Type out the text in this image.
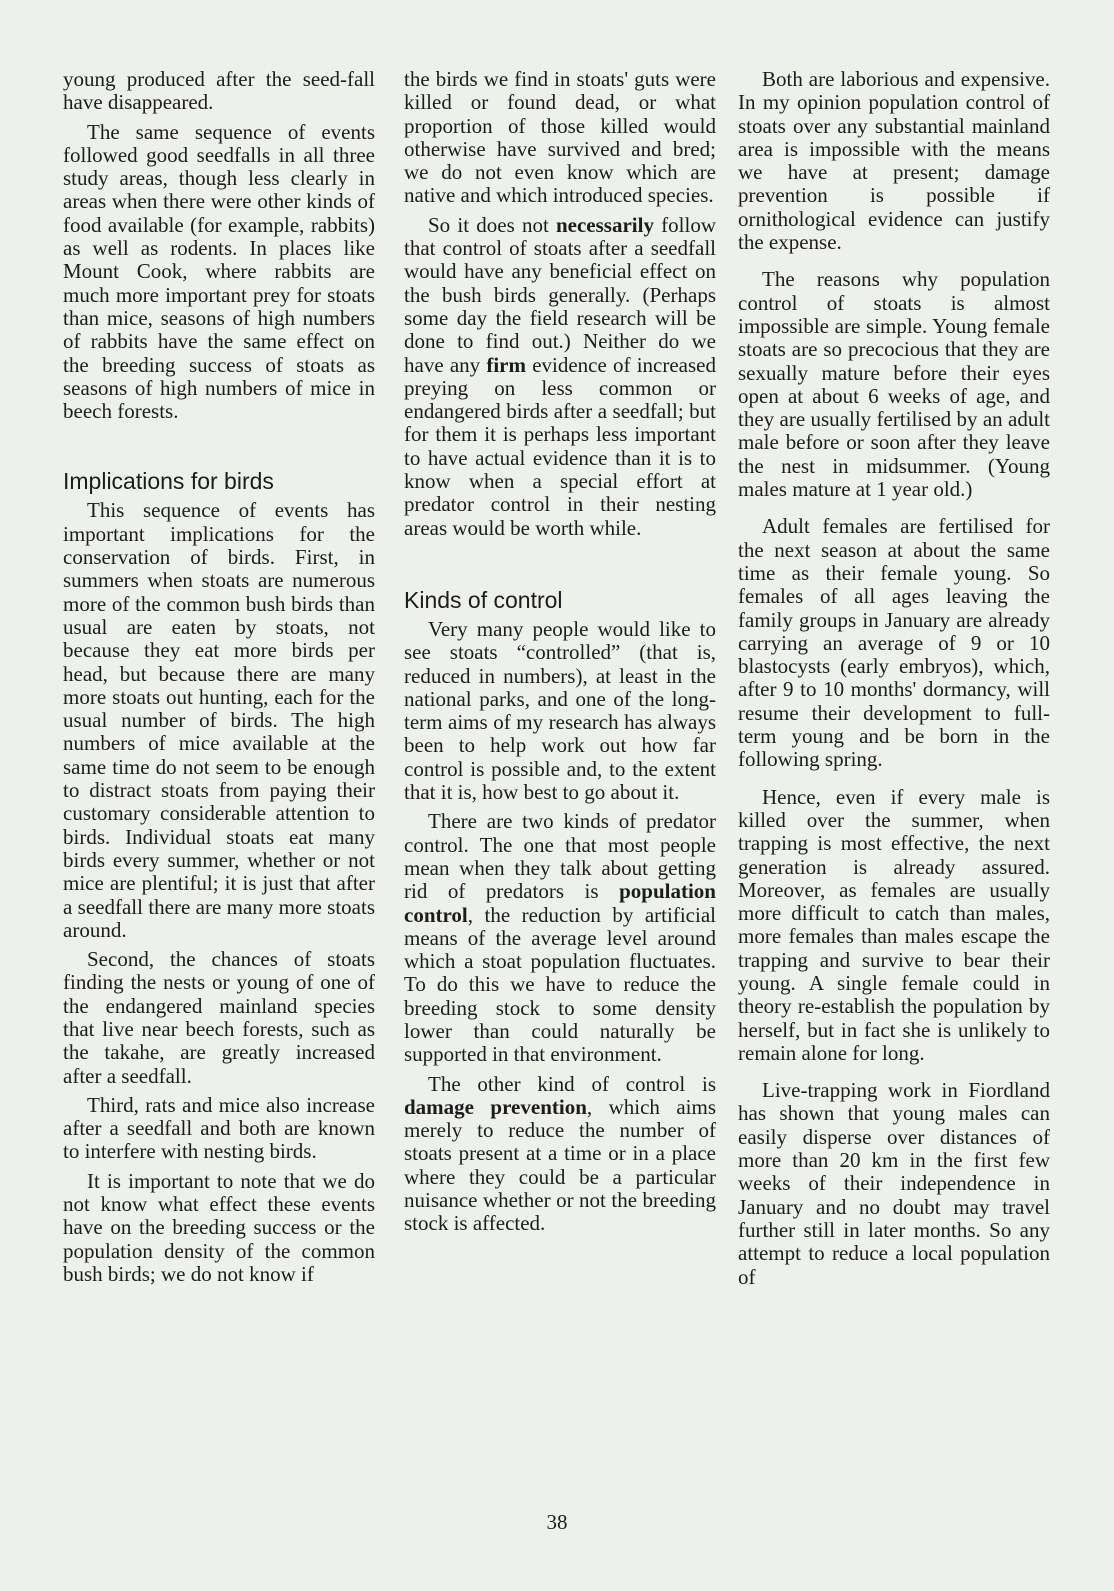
young produced after the seed-fall have disappeared.

The same sequence of events followed good seedfalls in all three study areas, though less clearly in areas when there were other kinds of food available (for example, rabbits) as well as rodents. In places like Mount Cook, where rabbits are much more important prey for stoats than mice, seasons of high numbers of rabbits have the same effect on the breeding success of stoats as seasons of high numbers of mice in beech forests.

Implications for birds

This sequence of events has important implications for the conservation of birds. First, in summers when stoats are numerous more of the common bush birds than usual are eaten by stoats, not because they eat more birds per head, but because there are many more stoats out hunting, each for the usual number of birds. The high numbers of mice available at the same time do not seem to be enough to distract stoats from paying their customary considerable attention to birds. Individual stoats eat many birds every summer, whether or not mice are plentiful; it is just that after a seedfall there are many more stoats around.

Second, the chances of stoats finding the nests or young of one of the endangered mainland species that live near beech forests, such as the takahe, are greatly increased after a seedfall.

Third, rats and mice also increase after a seedfall and both are known to interfere with nesting birds.

It is important to note that we do not know what effect these events have on the breeding success or the population density of the common bush birds; we do not know if

the birds we find in stoats' guts were killed or found dead, or what proportion of those killed would otherwise have survived and bred; we do not even know which are native and which introduced species.

So it does not necessarily follow that control of stoats after a seedfall would have any beneficial effect on the bush birds generally. (Perhaps some day the field research will be done to find out.) Neither do we have any firm evidence of increased preying on less common or endangered birds after a seedfall; but for them it is perhaps less important to have actual evidence than it is to know when a special effort at predator control in their nesting areas would be worth while.

Kinds of control

Very many people would like to see stoats “controlled” (that is, reduced in numbers), at least in the national parks, and one of the long-term aims of my research has always been to help work out how far control is possible and, to the extent that it is, how best to go about it.

There are two kinds of predator control. The one that most people mean when they talk about getting rid of predators is population control, the reduction by artificial means of the average level around which a stoat population fluctuates. To do this we have to reduce the breeding stock to some density lower than could naturally be supported in that environment.

The other kind of control is damage prevention, which aims merely to reduce the number of stoats present at a time or in a place where they could be a particular nuisance whether or not the breeding stock is affected.

Both are laborious and expensive. In my opinion population control of stoats over any substantial mainland area is impossible with the means we have at present; damage prevention is possible if ornithological evidence can justify the expense.

The reasons why population control of stoats is almost impossible are simple. Young female stoats are so precocious that they are sexually mature before their eyes open at about 6 weeks of age, and they are usually fertilised by an adult male before or soon after they leave the nest in midsummer. (Young males mature at 1 year old.)

Adult females are fertilised for the next season at about the same time as their female young. So females of all ages leaving the family groups in January are already carrying an average of 9 or 10 blastocysts (early embryos), which, after 9 to 10 months' dormancy, will resume their development to full-term young and be born in the following spring.

Hence, even if every male is killed over the summer, when trapping is most effective, the next generation is already assured. Moreover, as females are usually more difficult to catch than males, more females than males escape the trapping and survive to bear their young. A single female could in theory re-establish the population by herself, but in fact she is unlikely to remain alone for long.

Live-trapping work in Fiordland has shown that young males can easily disperse over distances of more than 20 km in the first few weeks of their independence in January and no doubt may travel further still in later months. So any attempt to reduce a local population of

38
